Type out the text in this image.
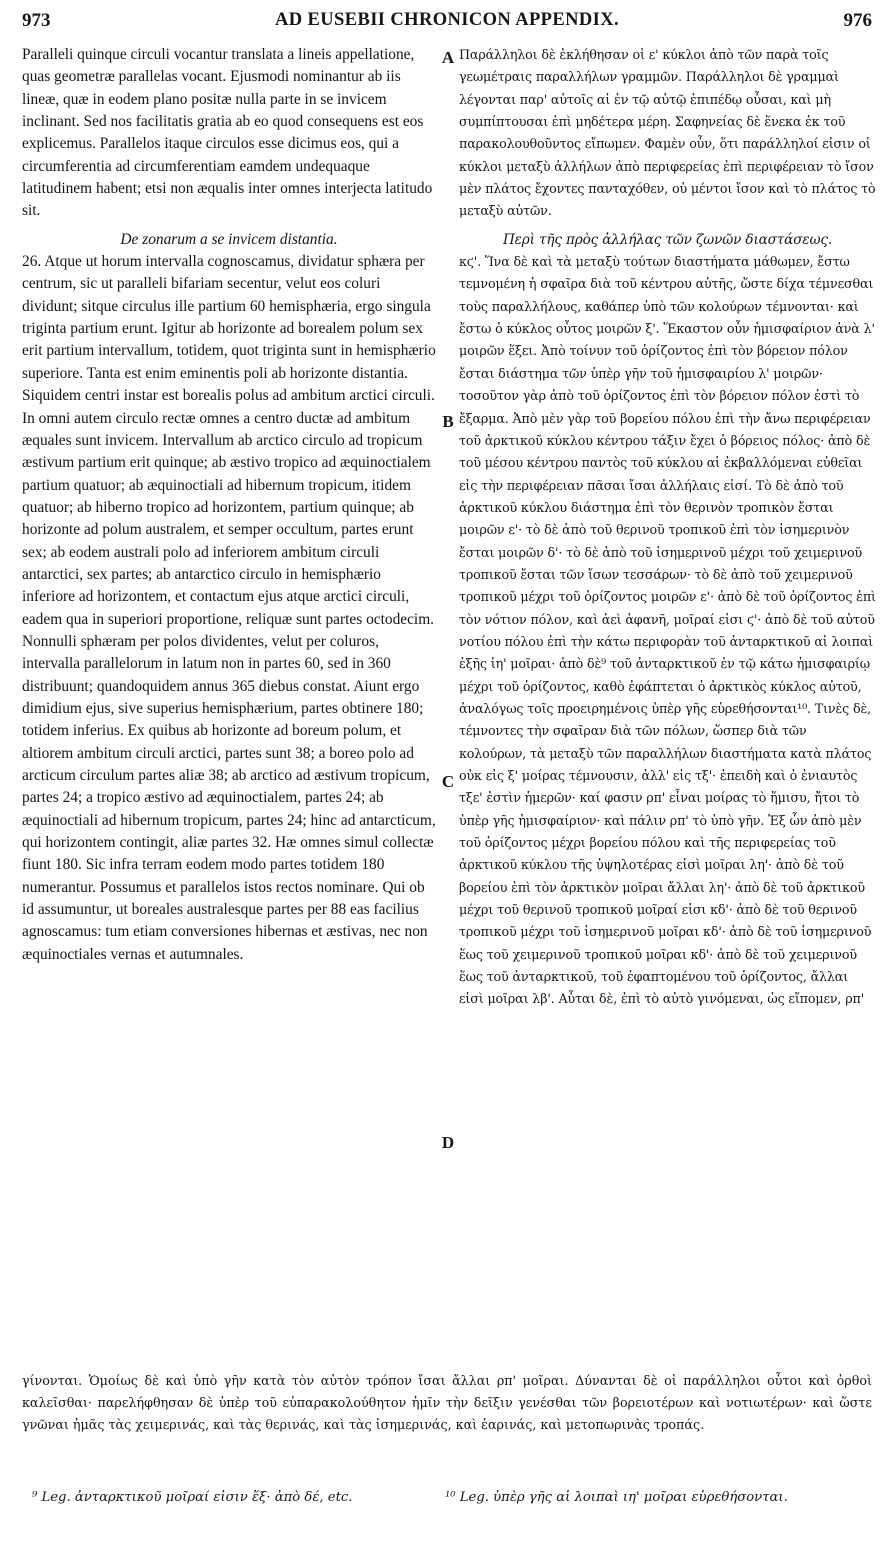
973	AD EUSEBII CHRONICON APPENDIX.	976

Paralleli quinque circuli vocantur translata a lineis appellatione, quas geometræ parallelas vocant. Ejusmodi nominantur ab iis lineæ, quæ in eodem plano positæ nulla parte in se invicem inclinant. Sed nos facilitatis gratia ab eo quod consequens est eos explicemus. Parallelos itaque circulos esse dicimus eos, qui a circumferentia ad circumferentiam eamdem undequaque latitudinem habent; etsi non æqualis inter omnes interjecta latitudo sit.

De zonarum a se invicem distantia.

26. Atque ut horum intervalla cognoscamus, dividatur sphæra per centrum, sic ut paralleli bifariam secentur, velut eos coluri dividunt; sitque circulus ille partium 60 hemisphæria, ergo singula triginta partium erunt. Igitur ab horizonte ad borealem polum sex erit partium intervallum, totidem, quot triginta sunt in hemisphærio superiore. Tanta est enim eminentis poli ab horizonte distantia. Siquidem centri instar est borealis polus ad ambitum arctici circuli. In omni autem circulo rectæ omnes a centro ductæ ad ambitum æquales sunt invicem. Intervallum ab arctico circulo ad tropicum æstivum partium erit quinque; ab æstivo tropico ad æquinoctialem partium quatuor; ab æquinoctiali ad hibernum tropicum, itidem quatuor; ab hiberno tropico ad horizontem, partium quinque; ab horizonte ad polum australem, et semper occultum, partes erunt sex; ab eodem australi polo ad inferiorem ambitum circuli antarctici, sex partes; ab antarctico circulo in hemisphærio inferiore ad horizontem, et contactum ejus atque arctici circuli, eadem qua in superiori proportione, reliquæ sunt partes octodecim. Nonnulli sphæram per polos dividentes, velut per coluros, intervalla parallelorum in latum non in partes 60, sed in 360 distribuunt; quandoquidem annus 365 diebus constat. Aiunt ergo dimidium ejus, sive superius hemisphærium, partes obtinere 180; totidem inferius. Ex quibus ab horizonte ad boreum polum, et altiorem ambitum circuli arctici, partes sunt 38; a boreo polo ad arcticum circulum partes aliæ 38; ab arctico ad æstivum tropicum, partes 24; a tropico æstivo ad æquinoctialem, partes 24; ab æquinoctiali ad hibernum tropicum, partes 24; hinc ad antarcticum, qui horizontem contingit, aliæ partes 32. Hæ omnes simul collectæ fiunt 180. Sic infra terram eodem modo partes totidem 180 numerantur. Possumus et parallelos istos rectos nominare. Qui ob id assumuntur, ut boreales australesque partes per 88 eas facilius agnoscamus: tum etiam conversiones hibernas et æstivas, nec non æquinoctiales vernas et autumnales.

A
B
C
D

Παράλληλοι δὲ ἐκλήθησαν οἱ ε' κύκλοι ἀπὸ τῶν παρὰ τοῖς γεωμέτραις παραλλήλων γραμμῶν. Παράλληλοι δὲ γραμμαὶ λέγονται παρ' αὐτοῖς αἱ ἐν τῷ αὐτῷ ἐπιπέδῳ οὖσαι, καὶ μὴ συμπίπτουσαι ἐπὶ μηδέτερα μέρη. Σαφηνείας δὲ ἕνεκα ἐκ τοῦ παρακολουθοῦντος εἴπωμεν. Φαμὲν οὖν, ὅτι παράλληλοί εἰσιν οἱ κύκλοι μεταξὺ ἀλλήλων ἀπὸ περιφερείας ἐπὶ περιφέρειαν τὸ ἴσον μὲν πλάτος ἔχοντες πανταχόθεν, οὐ μέντοι ἴσον καὶ τὸ πλάτος τὸ μεταξὺ αὐτῶν.

Περὶ τῆς πρὸς ἀλλήλας τῶν ζωνῶν διαστάσεως.

κϛ'. Ἵνα δὲ καὶ τὰ μεταξὺ τούτων διαστήματα μάθωμεν, ἔστω τεμνομένη ἡ σφαῖρα διὰ τοῦ κέντρου αὐτῆς, ὥστε δίχα τέμνεσθαι τοὺς παραλλήλους, καθάπερ ὑπὸ τῶν κολούρων τέμνονται· καὶ ἔστω ὁ κύκλος οὗτος μοιρῶν ξ'. Ἕκαστον οὖν ἡμισφαίριον ἀνὰ λ' μοιρῶν ἕξει. Ἀπὸ τοίνυν τοῦ ὁρίζοντος ἐπὶ τὸν βόρειον πόλον ἔσται διάστημα τῶν ὑπὲρ γῆν τοῦ ἡμισφαιρίου λ' μοιρῶν· τοσοῦτον γὰρ ἀπὸ τοῦ ὁρίζοντος ἐπὶ τὸν βόρειον πόλον ἐστὶ τὸ ἔξαρμα. Ἀπὸ μὲν γὰρ τοῦ βορείου πόλου ἐπὶ τὴν ἄνω περιφέρειαν τοῦ ἀρκτικοῦ κύκλου κέντρου τάξιν ἔχει ὁ βόρειος πόλος· ἀπὸ δὲ τοῦ μέσου κέντρου παντὸς τοῦ κύκλου αἱ ἐκβαλλόμεναι εὐθεῖαι εἰς τὴν περιφέρειαν πᾶσαι ἴσαι ἀλλήλαις εἰσί. Τὸ δὲ ἀπὸ τοῦ ἀρκτικοῦ κύκλου διάστημα ἐπὶ τὸν θερινὸν τροπικὸν ἔσται μοιρῶν ε'· τὸ δὲ ἀπὸ τοῦ θερινοῦ τροπικοῦ ἐπὶ τὸν ἰσημερινὸν ἔσται μοιρῶν δ'· τὸ δὲ ἀπὸ τοῦ ἰσημερινοῦ μέχρι τοῦ χειμερινοῦ τροπικοῦ ἔσται τῶν ἴσων τεσσάρων· τὸ δὲ ἀπὸ τοῦ χειμερινοῦ τροπικοῦ μέχρι τοῦ ὁρίζοντος μοιρῶν ε'· ἀπὸ δὲ τοῦ ὁρίζοντος ἐπὶ τὸν νότιον πόλον, καὶ ἀεὶ ἀφανῆ, μοῖραί εἰσι ϛ'· ἀπὸ δὲ τοῦ αὐτοῦ νοτίου πόλου ἐπὶ τὴν κάτω περιφορὰν τοῦ ἀνταρκτικοῦ αἱ λοιπαὶ ἑξῆς ἰη' μοῖραι· ἀπὸ δὲ⁹ τοῦ ἀνταρκτικοῦ ἐν τῷ κάτω ἡμισφαιρίῳ μέχρι τοῦ ὁρίζοντος, καθὸ ἐφάπτεται ὁ ἀρκτικὸς κύκλος αὐτοῦ, ἀναλόγως τοῖς προειρημένοις ὑπὲρ γῆς εὑρεθήσονται¹⁰. Τινὲς δὲ, τέμνοντες τὴν σφαῖραν διὰ τῶν πόλων, ὥσπερ διὰ τῶν κολούρων, τὰ μεταξὺ τῶν παραλλήλων διαστήματα κατὰ πλάτος οὐκ εἰς ξ' μοίρας τέμνουσιν, ἀλλ' εἰς τξ'· ἐπειδὴ καὶ ὁ ἐνιαυτὸς τξε' ἐστὶν ἡμερῶν· καί φασιν ρπ' εἶναι μοίρας τὸ ἥμισυ, ἤτοι τὸ ὑπὲρ γῆς ἡμισφαίριον· καὶ πάλιν ρπ' τὸ ὑπὸ γῆν. Ἐξ ὧν ἀπὸ μὲν τοῦ ὁρίζοντος μέχρι βορείου πόλου καὶ τῆς περιφερείας τοῦ ἀρκτικοῦ κύκλου τῆς ὑψηλοτέρας εἰσὶ μοῖραι λη'· ἀπὸ δὲ τοῦ βορείου ἐπὶ τὸν ἀρκτικὸν μοῖραι ἄλλαι λη'· ἀπὸ δὲ τοῦ ἀρκτικοῦ μέχρι τοῦ θερινοῦ τροπικοῦ μοῖραί εἰσι κδ'· ἀπὸ δὲ τοῦ θερινοῦ τροπικοῦ μέχρι τοῦ ἰσημερινοῦ μοῖραι κδ'· ἀπὸ δὲ τοῦ ἰσημερινοῦ ἕως τοῦ χειμερινοῦ τροπικοῦ μοῖραι κδ'· ἀπὸ δὲ τοῦ χειμερινοῦ ἕως τοῦ ἀνταρκτικοῦ, τοῦ ἐφαπτομένου τοῦ ὁρίζοντος, ἄλλαι εἰσὶ μοῖραι λβ'. Αὗται δὲ, ἐπὶ τὸ αὐτὸ γινόμεναι, ὡς εἴπομεν, ρπ'

γίνονται. Ὁμοίως δὲ καὶ ὑπὸ γῆν κατὰ τὸν αὐτὸν τρόπον ἴσαι ἄλλαι ρπ' μοῖραι. Δύνανται δὲ οἱ παράλληλοι οὗτοι καὶ ὀρθοὶ καλεῖσθαι· παρελήφθησαν δὲ ὑπὲρ τοῦ εὐπαρακολούθητον ἡμῖν τὴν δεῖξιν γενέσθαι τῶν βορειοτέρων καὶ νοτιωτέρων· καὶ ὥστε γνῶναι ἡμᾶς τὰς χειμερινάς, καὶ τὰς θερινάς, καὶ τὰς ἰσημερινάς, καὶ ἐαρινάς, καὶ μετοπωρινὰς τροπάς.

⁹ Leg. ἀνταρκτικοῦ μοῖραί εἰσιν ἕξ· ἀπὸ δέ, etc.	¹⁰ Leg. ὑπὲρ γῆς αἱ λοιπαὶ ιη' μοῖραι εὑρεθήσονται.
